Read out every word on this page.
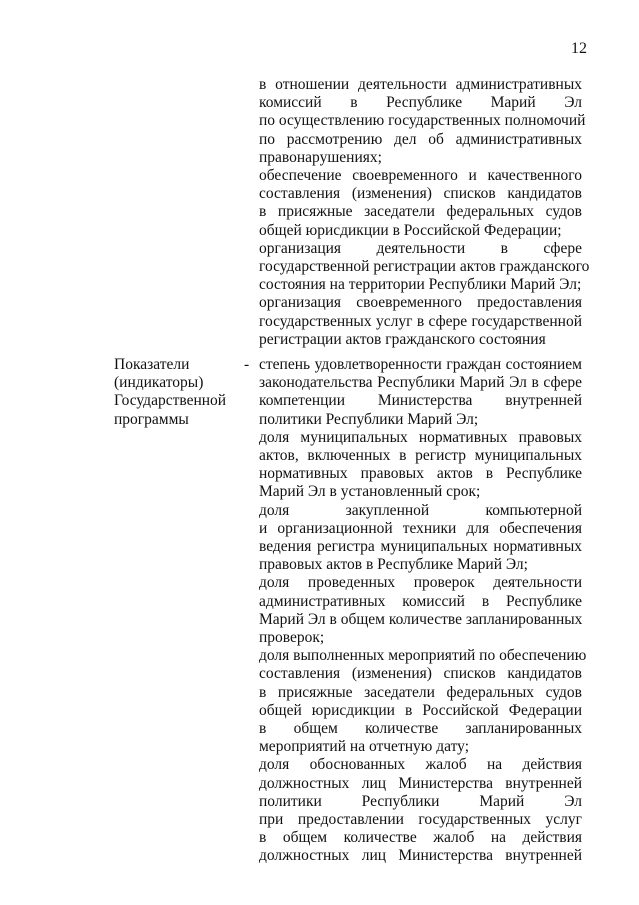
12
в отношении деятельности административных
комиссий в Республике Марий Эл
по осуществлению государственных полномочий
по рассмотрению дел об административных
правонарушениях;
обеспечение своевременного и качественного
составления (изменения) списков кандидатов
в присяжные заседатели федеральных судов
общей юрисдикции в Российской Федерации;
организация деятельности в сфере
государственной регистрации актов гражданского
состояния на территории Республики Марий Эл;
организация своевременного предоставления
государственных услуг в сфере государственной
регистрации актов гражданского состояния
Показатели
(индикаторы)
Государственной
программы
- степень удовлетворенности граждан состоянием
законодательства Республики Марий Эл в сфере
компетенции Министерства внутренней
политики Республики Марий Эл;
доля муниципальных нормативных правовых
актов, включенных в регистр муниципальных
нормативных правовых актов в Республике
Марий Эл в установленный срок;
доля закупленной компьютерной
и организационной техники для обеспечения
ведения регистра муниципальных нормативных
правовых актов в Республике Марий Эл;
доля проведенных проверок деятельности
административных комиссий в Республике
Марий Эл в общем количестве запланированных
проверок;
доля выполненных мероприятий по обеспечению
составления (изменения) списков кандидатов
в присяжные заседатели федеральных судов
общей юрисдикции в Российской Федерации
в общем количестве запланированных
мероприятий на отчетную дату;
доля обоснованных жалоб на действия
должностных лиц Министерства внутренней
политики Республики Марий Эл
при предоставлении государственных услуг
в общем количестве жалоб на действия
должностных лиц Министерства внутренней
